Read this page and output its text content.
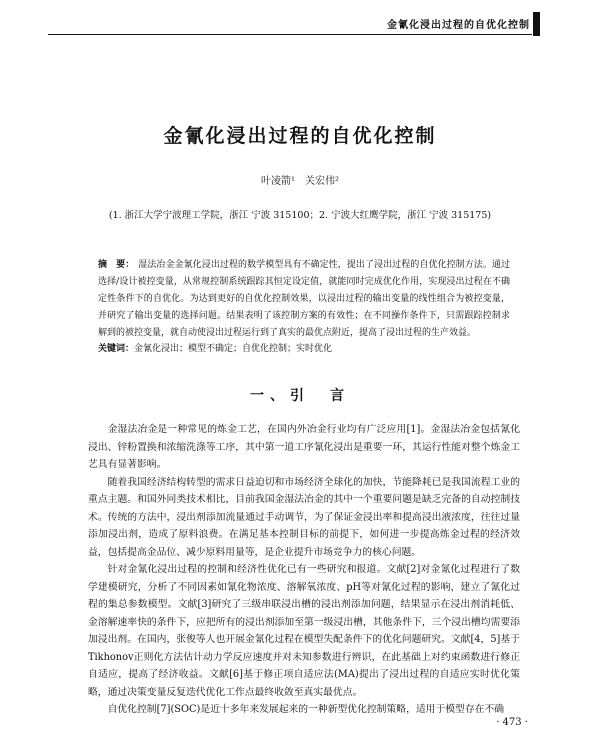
金氰化浸出过程的自优化控制
金氰化浸出过程的自优化控制
叶凌箭¹　关宏伟²
(1. 浙江大学宁波理工学院，浙江 宁波 315100；2. 宁波大红鹰学院，浙江 宁波 315175)
摘　要： 湿法冶金金氰化浸出过程的数学模型具有不确定性，提出了浸出过程的自优化控制方法。通过选择/设计被控变量，从常规控制系统跟踪其恒定设定值，就能同时完成优化作用，实现浸出过程在不确定性条件下的自优化。为达到更好的自优化控制效果，以浸出过程的输出变量的线性组合为被控变量，并研究了输出变量的选择问题。结果表明了该控制方案的有效性；在不同操作条件下，只需跟踪控制求解到的被控变量，就自动使浸出过程运行到了真实的最优点附近，提高了浸出过程的生产效益。
关键词：金氰化浸出；模型不确定；自优化控制；实时优化
一、引　言

金湿法冶金是一种常见的炼金工艺，在国内外冶金行业均有广泛应用[1]。金湿法冶金包括氰化浸出、锌粉置换和浓缩洗涤等工序，其中第一道工序氰化浸出是重要一环，其运行性能对整个炼金工艺具有显著影响。

随着我国经济结构转型的需求日益迫切和市场经济全球化的加快，节能降耗已是我国流程工业的重点主题。和国外同类技术相比，目前我国金湿法冶金的其中一个重要问题是缺乏完备的自动控制技术。传统的方法中，浸出剂添加流量通过手动调节，为了保证金浸出率和提高浸出液浓度，往往过量添加浸出剂，造成了原料浪费。在满足基本控制目标的前提下，如何进一步提高炼金过程的经济效益，包括提高金品位、减少原料用量等，是企业提升市场竞争力的核心问题。

针对金氰化浸出过程的控制和经济性优化已有一些研究和报道。文献[2]对金氰化过程进行了数学建模研究，分析了不同因素如氰化物浓度、溶解氧浓度、pH等对氰化过程的影响，建立了氰化过程的集总参数模型。文献[3]研究了三级串联浸出槽的浸出剂添加问题，结果显示在浸出剂消耗低、金溶解速率快的条件下，应把所有的浸出剂添加至第一级浸出槽，其他条件下，三个浸出槽均需要添加浸出剂。在国内，张俊等人也开展金氰化过程在模型失配条件下的优化问题研究。文献[4，5]基于Tikhonov正则化方法估计动力学反应速度并对未知参数进行辨识，在此基础上对约束函数进行修正自适应，提高了经济收益。文献[6]基于修正项自适应法(MA)提出了浸出过程的自适应实时优化策略，通过决策变量反复迭代优化工作点最终收敛至真实最优点。

自优化控制[7](SOC)是近十多年来发展起来的一种新型优化控制策略，适用于模型存在不确

· 473 ·
